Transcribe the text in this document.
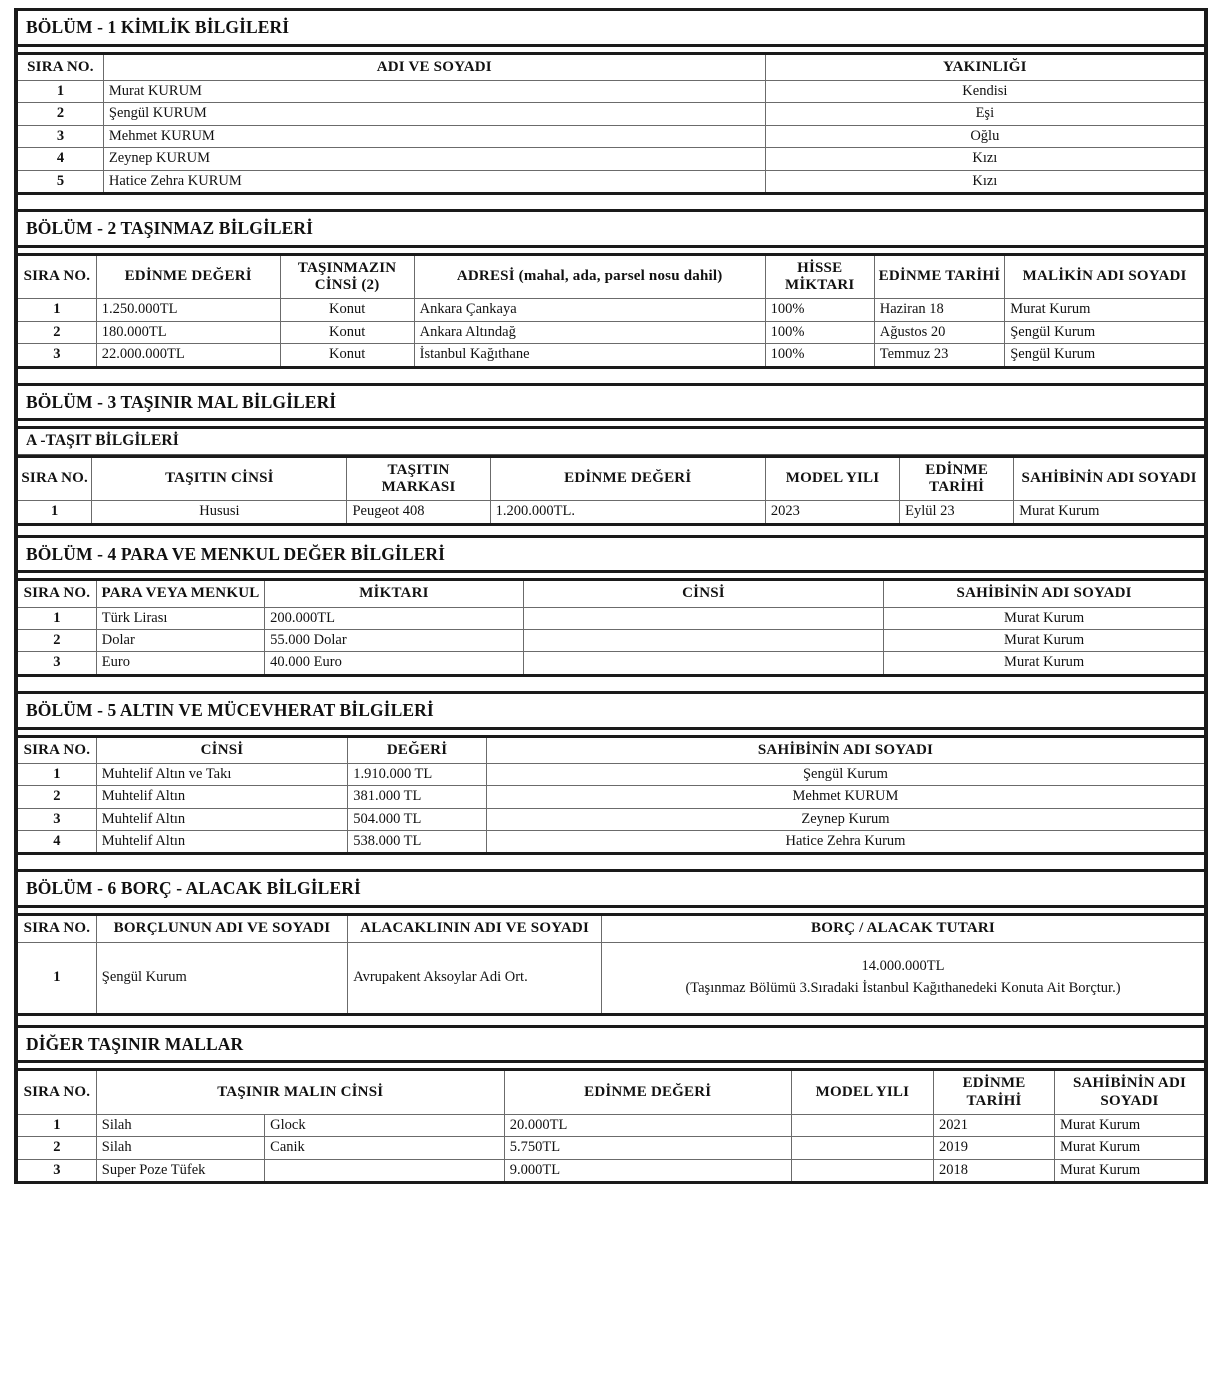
BÖLÜM - 1 KİMLİK BİLGİLERİ
SIRA NO.	ADI VE SOYADI	YAKINLIĞI
1	Murat KURUM	Kendisi
2	Şengül KURUM	Eşi
3	Mehmet KURUM	Oğlu
4	Zeynep KURUM	Kızı
5	Hatice Zehra KURUM	Kızı
BÖLÜM - 2 TAŞINMAZ BİLGİLERİ
SIRA NO.	EDİNME DEĞERİ	TAŞINMAZIN CİNSİ (2)	ADRESİ (mahal, ada, parsel nosu dahil)	HİSSE MİKTARI	EDİNME TARİHİ	MALİKİN ADI SOYADI
1	1.250.000TL	Konut	Ankara Çankaya	100%	Haziran 18	Murat Kurum
2	180.000TL	Konut	Ankara Altındağ	100%	Ağustos 20	Şengül Kurum
3	22.000.000TL	Konut	İstanbul Kağıthane	100%	Temmuz 23	Şengül Kurum
BÖLÜM - 3 TAŞINIR MAL BİLGİLERİ
A -TAŞIT BİLGİLERİ
SIRA NO.	TAŞITIN CİNSİ	TAŞITIN MARKASI	EDİNME DEĞERİ	MODEL YILI	EDİNME TARİHİ	SAHİBİNİN ADI SOYADI
1	Hususi	Peugeot 408	1.200.000TL.	2023	Eylül 23	Murat Kurum
BÖLÜM - 4 PARA VE MENKUL DEĞER BİLGİLERİ
SIRA NO.	PARA VEYA MENKUL	MİKTARI	CİNSİ	SAHİBİNİN ADI SOYADI
1	Türk Lirası	200.000TL		Murat Kurum
2	Dolar	55.000 Dolar		Murat Kurum
3	Euro	40.000 Euro		Murat Kurum
BÖLÜM - 5 ALTIN VE MÜCEVHERAT BİLGİLERİ
SIRA NO.	CİNSİ	DEĞERİ	SAHİBİNİN ADI SOYADI
1	Muhtelif Altın ve Takı	1.910.000 TL	Şengül Kurum
2	Muhtelif Altın	381.000 TL	Mehmet KURUM
3	Muhtelif Altın	504.000 TL	Zeynep Kurum
4	Muhtelif Altın	538.000 TL	Hatice Zehra Kurum
BÖLÜM - 6 BORÇ - ALACAK BİLGİLERİ
SIRA NO.	BORÇLUNUN ADI VE SOYADI	ALACAKLININ ADI VE SOYADI	BORÇ / ALACAK TUTARI
1	Şengül Kurum	Avrupakent Aksoylar Adi Ort.	14.000.000TL
(Taşınmaz Bölümü 3.Sıradaki İstanbul Kağıthanedeki Konuta Ait Borçtur.)
DİĞER TAŞINIR MALLAR
SIRA NO.	TAŞINIR MALIN CİNSİ		EDİNME DEĞERİ	MODEL YILI	EDİNME TARİHİ	SAHİBİNİN ADI SOYADI
1	Silah	Glock	20.000TL		2021	Murat Kurum
2	Silah	Canik	5.750TL		2019	Murat Kurum
3	Super Poze Tüfek		9.000TL		2018	Murat Kurum
